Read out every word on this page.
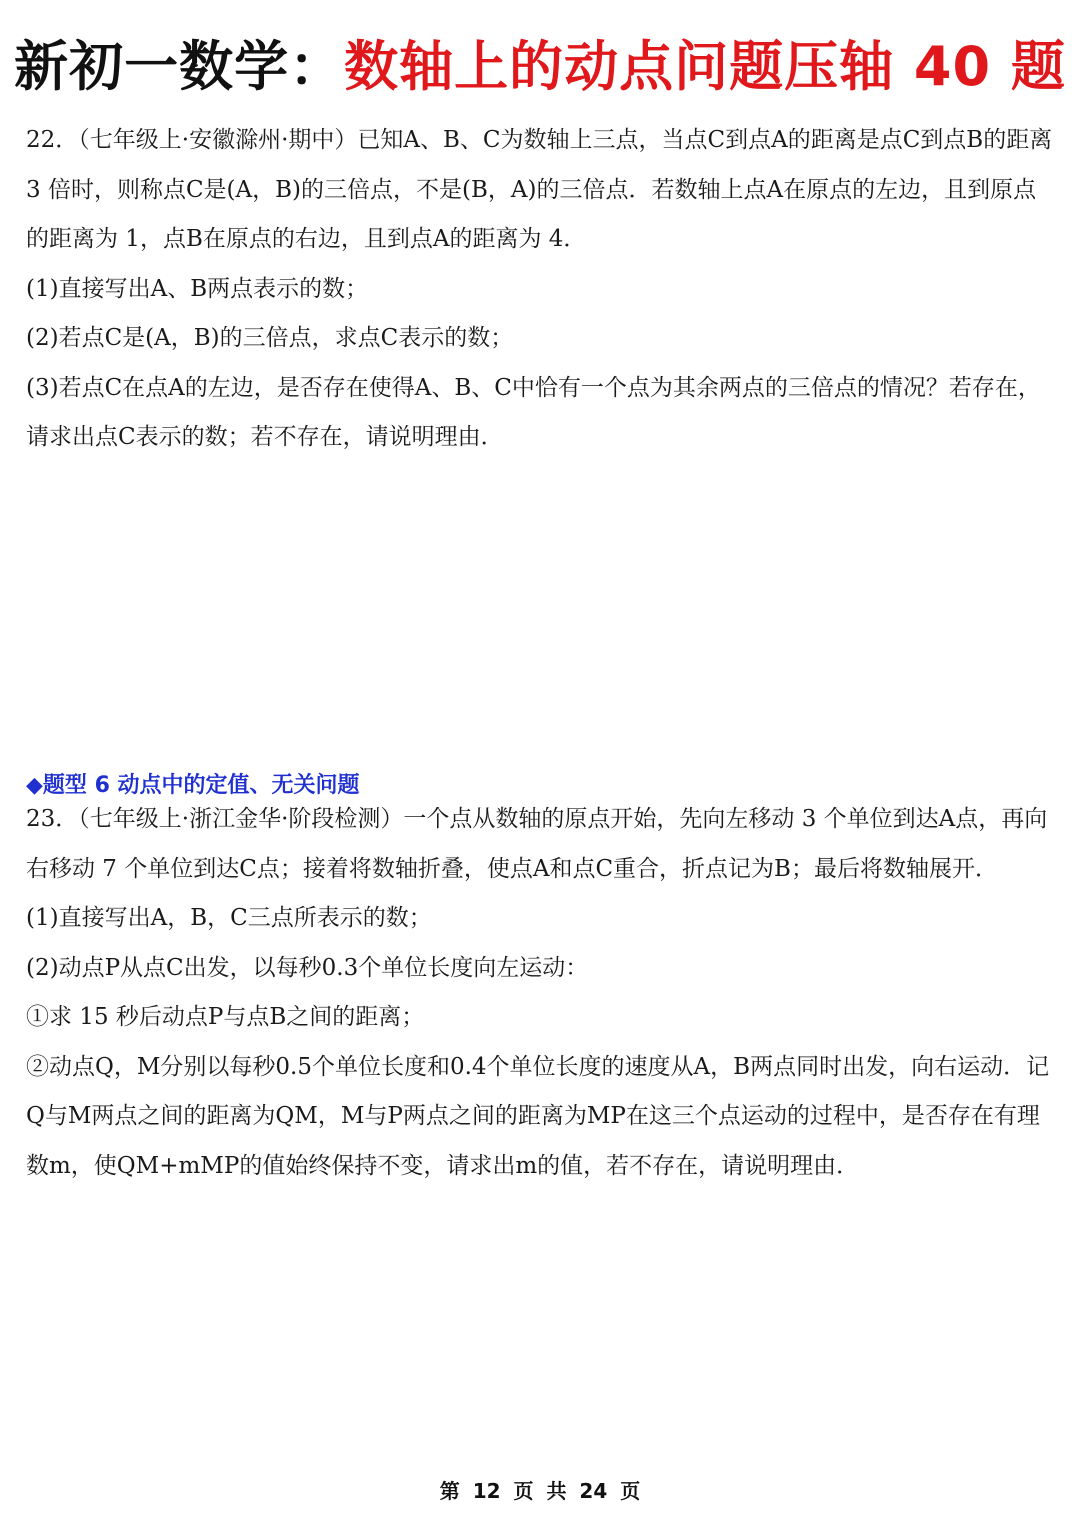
新初一数学：数轴上的动点问题压轴 40 题

22．（七年级上·安徽滁州·期中）已知A、B、C为数轴上三点，当点C到点A的距离是点C到点B的距离 3 倍时，则称点C是(A，B)的三倍点，不是(B，A)的三倍点．若数轴上点A在原点的左边，且到原点的距离为 1，点B在原点的右边，且到点A的距离为 4．

(1)直接写出A、B两点表示的数；

(2)若点C是(A，B)的三倍点，求点C表示的数；

(3)若点C在点A的左边，是否存在使得A、B、C中恰有一个点为其余两点的三倍点的情况？若存在，请求出点C表示的数；若不存在，请说明理由．

◆题型 6 动点中的定值、无关问题

23．（七年级上·浙江金华·阶段检测）一个点从数轴的原点开始，先向左移动 3 个单位到达A点，再向右移动 7 个单位到达C点；接着将数轴折叠，使点A和点C重合，折点记为B；最后将数轴展开．

(1)直接写出A，B，C三点所表示的数；

(2)动点P从点C出发，以每秒0.3个单位长度向左运动：

①求 15 秒后动点P与点B之间的距离；

②动点Q，M分别以每秒0.5个单位长度和0.4个单位长度的速度从A，B两点同时出发，向右运动．记Q与M两点之间的距离为QM，M与P两点之间的距离为MP在这三个点运动的过程中，是否存在有理数m，使QM+mMP的值始终保持不变，请求出m的值，若不存在，请说明理由．

第 12 页 共 24 页
